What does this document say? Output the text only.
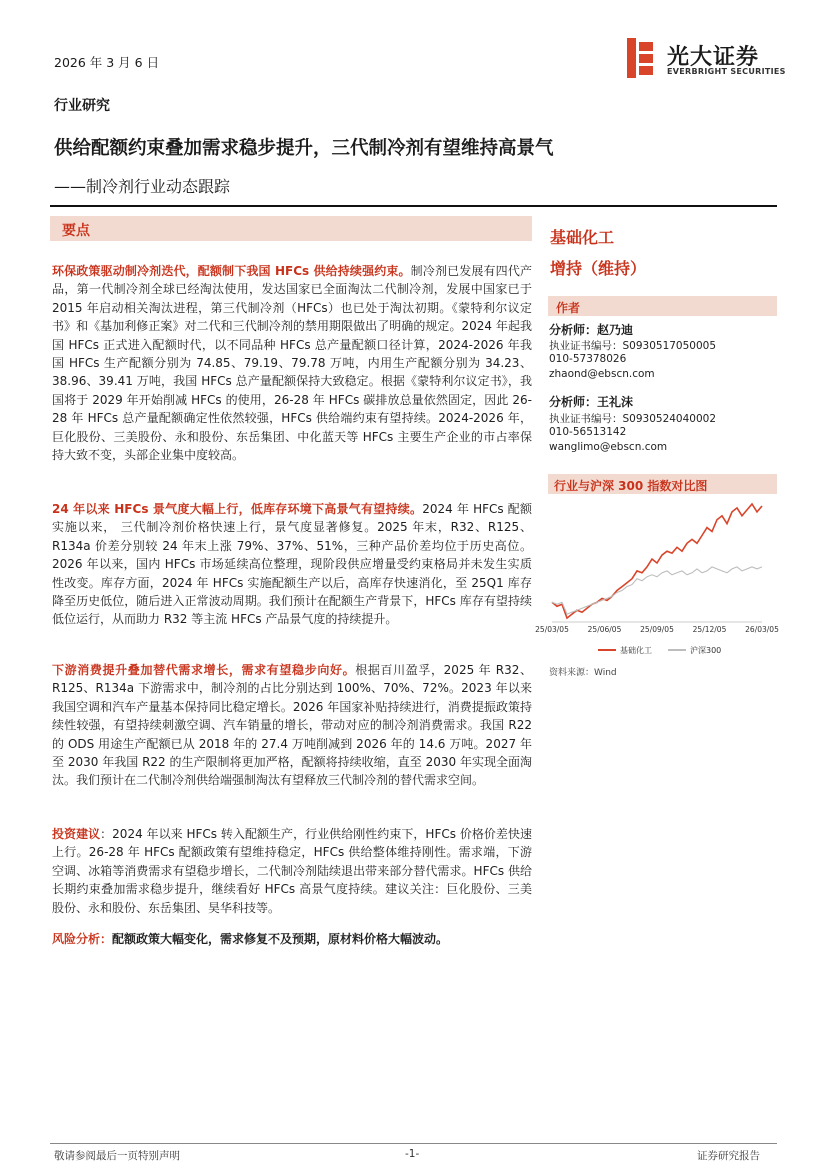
2026 年 3 月 6 日	光大证券
EVERBRIGHT SECURITIES
行业研究
供给配额约束叠加需求稳步提升，三代制冷剂有望维持高景气
——制冷剂行业动态跟踪
要点

环保政策驱动制冷剂迭代，配额制下我国 HFCs 供给持续强约束。制冷剂已发展有四代产品，第一代制冷剂全球已经淘汰使用，发达国家已全面淘汰二代制冷剂，发展中国家已于 2015 年启动相关淘汰进程，第三代制冷剂（HFCs）也已处于淘汰初期。《蒙特利尔议定书》和《基加利修正案》对二代和三代制冷剂的禁用期限做出了明确的规定。2024 年起我国 HFCs 正式进入配额时代，以不同品种 HFCs 总产量配额口径计算，2024-2026 年我国 HFCs 生产配额分别为 74.85、79.19、79.78 万吨，内用生产配额分别为 34.23、38.96、39.41 万吨，我国 HFCs 总产量配额保持大致稳定。根据《蒙特利尔议定书》，我国将于 2029 年开始削减 HFCs 的使用，26-28 年 HFCs 碳排放总量依然固定，因此 26-28 年 HFCs 总产量配额确定性依然较强，HFCs 供给端约束有望持续。2024-2026 年，巨化股份、三美股份、永和股份、东岳集团、中化蓝天等 HFCs 主要生产企业的市占率保持大致不变，头部企业集中度较高。

24 年以来 HFCs 景气度大幅上行，低库存环境下高景气有望持续。2024 年 HFCs 配额实施以来， 三代制冷剂价格快速上行，景气度显著修复。2025 年末，R32、R125、R134a 价差分别较 24 年末上涨 79%、37%、51%，三种产品价差均位于历史高位。2026 年以来，国内 HFCs 市场延续高位整理，现阶段供应增量受约束格局并未发生实质性改变。库存方面，2024 年 HFCs 实施配额生产以后，高库存快速消化，至 25Q1 库存降至历史低位，随后进入正常波动周期。我们预计在配额生产背景下，HFCs 库存有望持续低位运行，从而助力 R32 等主流 HFCs 产品景气度的持续提升。

下游消费提升叠加替代需求增长，需求有望稳步向好。根据百川盈孚，2025 年 R32、R125、R134a 下游需求中，制冷剂的占比分别达到 100%、70%、72%。2023 年以来我国空调和汽车产量基本保持同比稳定增长。2026 年国家补贴持续进行，消费提振政策持续性较强，有望持续刺激空调、汽车销量的增长，带动对应的制冷剂消费需求。我国 R22 的 ODS 用途生产配额已从 2018 年的 27.4 万吨削减到 2026 年的 14.6 万吨。2027 年至 2030 年我国 R22 的生产限制将更加严格，配额将持续收缩，直至 2030 年实现全面淘汰。我们预计在二代制冷剂供给端强制淘汰有望释放三代制冷剂的替代需求空间。

投资建议：2024 年以来 HFCs 转入配额生产，行业供给刚性约束下，HFCs 价格价差快速上行。26-28 年 HFCs 配额政策有望维持稳定，HFCs 供给整体维持刚性。需求端，下游空调、冰箱等消费需求有望稳步增长，二代制冷剂陆续退出带来部分替代需求。HFCs 供给长期约束叠加需求稳步提升，继续看好 HFCs 高景气度持续。建议关注：巨化股份、三美股份、永和股份、东岳集团、昊华科技等。

风险分析：配额政策大幅变化，需求修复不及预期，原材料价格大幅波动。

基础化工
增持（维持）
作者
分析师：赵乃迪
执业证书编号：S0930517050005
010-57378026
zhaond@ebscn.com
分析师：王礼沫
执业证书编号：S0930524040002
010-56513142
wanglimo@ebscn.com
行业与沪深 300 指数对比图
25/03/05	25/06/05	25/09/05	25/12/05	26/03/05
基础化工	沪深300
资料来源：Wind
敬请参阅最后一页特别声明	-1-	证券研究报告
